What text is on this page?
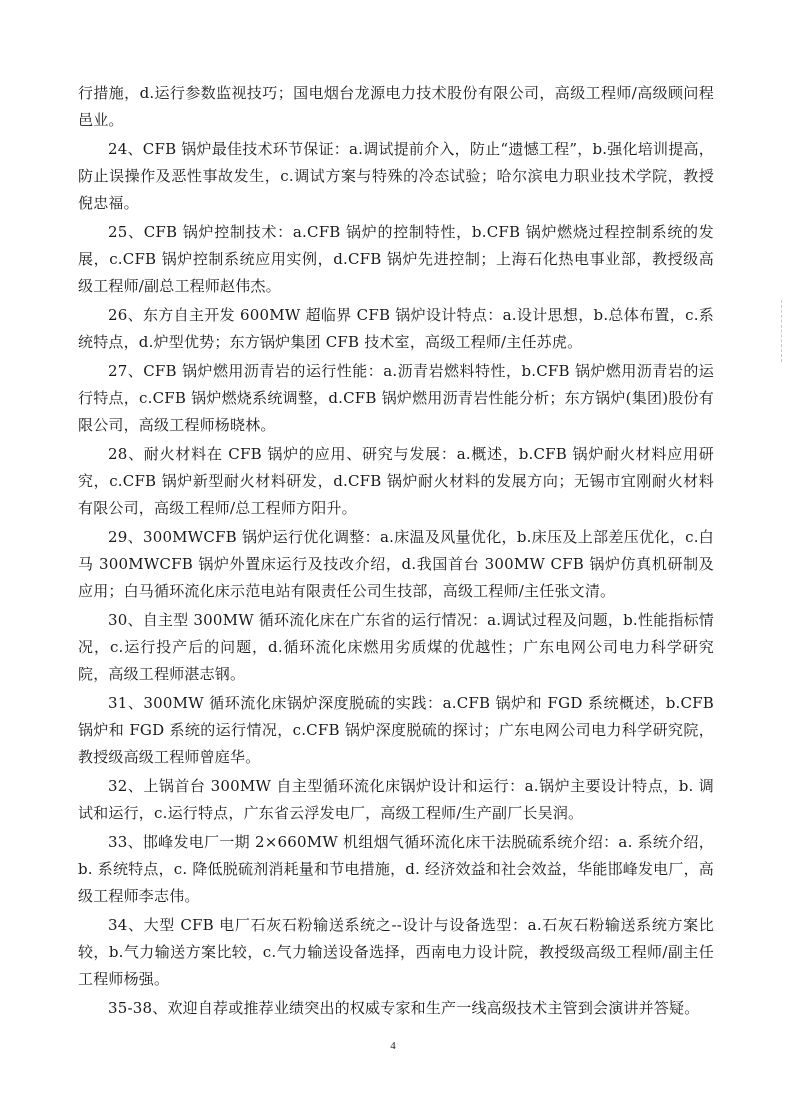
行措施，d.运行参数监视技巧；国电烟台龙源电力技术股份有限公司，高级工程师/高级顾问程邑业。

24、CFB 锅炉最佳技术环节保证：a.调试提前介入，防止“遗憾工程”，b.强化培训提高，防止误操作及恶性事故发生，c.调试方案与特殊的冷态试验；哈尔滨电力职业技术学院，教授倪忠福。

25、CFB 锅炉控制技术：a.CFB 锅炉的控制特性，b.CFB 锅炉燃烧过程控制系统的发展，c.CFB 锅炉控制系统应用实例，d.CFB 锅炉先进控制；上海石化热电事业部，教授级高级工程师/副总工程师赵伟杰。

26、东方自主开发 600MW 超临界 CFB 锅炉设计特点：a.设计思想，b.总体布置，c.系统特点，d.炉型优势；东方锅炉集团 CFB 技术室，高级工程师/主任苏虎。

27、CFB 锅炉燃用沥青岩的运行性能：a.沥青岩燃料特性，b.CFB 锅炉燃用沥青岩的运行特点，c.CFB 锅炉燃烧系统调整，d.CFB 锅炉燃用沥青岩性能分析；东方锅炉(集团)股份有限公司，高级工程师杨晓林。

28、耐火材料在 CFB 锅炉的应用、研究与发展：a.概述，b.CFB 锅炉耐火材料应用研究，c.CFB 锅炉新型耐火材料研发，d.CFB 锅炉耐火材料的发展方向；无锡市宜刚耐火材料有限公司，高级工程师/总工程师方阳升。

29、300MWCFB 锅炉运行优化调整：a.床温及风量优化，b.床压及上部差压优化，c.白马 300MWCFB 锅炉外置床运行及技改介绍，d.我国首台 300MW CFB 锅炉仿真机研制及应用；白马循环流化床示范电站有限责任公司生技部，高级工程师/主任张文清。

30、自主型 300MW 循环流化床在广东省的运行情况：a.调试过程及问题，b.性能指标情况，c.运行投产后的问题，d.循环流化床燃用劣质煤的优越性；广东电网公司电力科学研究院，高级工程师湛志钢。

31、300MW 循环流化床锅炉深度脱硫的实践：a.CFB 锅炉和 FGD 系统概述，b.CFB 锅炉和 FGD 系统的运行情况，c.CFB 锅炉深度脱硫的探讨；广东电网公司电力科学研究院，教授级高级工程师曾庭华。

32、上锅首台 300MW 自主型循环流化床锅炉设计和运行：a.锅炉主要设计特点，b. 调试和运行，c.运行特点，广东省云浮发电厂，高级工程师/生产副厂长吴润。

33、邯峰发电厂一期 2×660MW 机组烟气循环流化床干法脱硫系统介绍：a. 系统介绍，b. 系统特点，c. 降低脱硫剂消耗量和节电措施，d. 经济效益和社会效益，华能邯峰发电厂，高级工程师李志伟。

34、大型 CFB 电厂石灰石粉输送系统之--设计与设备选型：a.石灰石粉输送系统方案比较，b.气力输送方案比较，c.气力输送设备选择，西南电力设计院，教授级高级工程师/副主任工程师杨强。

35-38、欢迎自荐或推荐业绩突出的权威专家和生产一线高级技术主管到会演讲并答疑。

4
